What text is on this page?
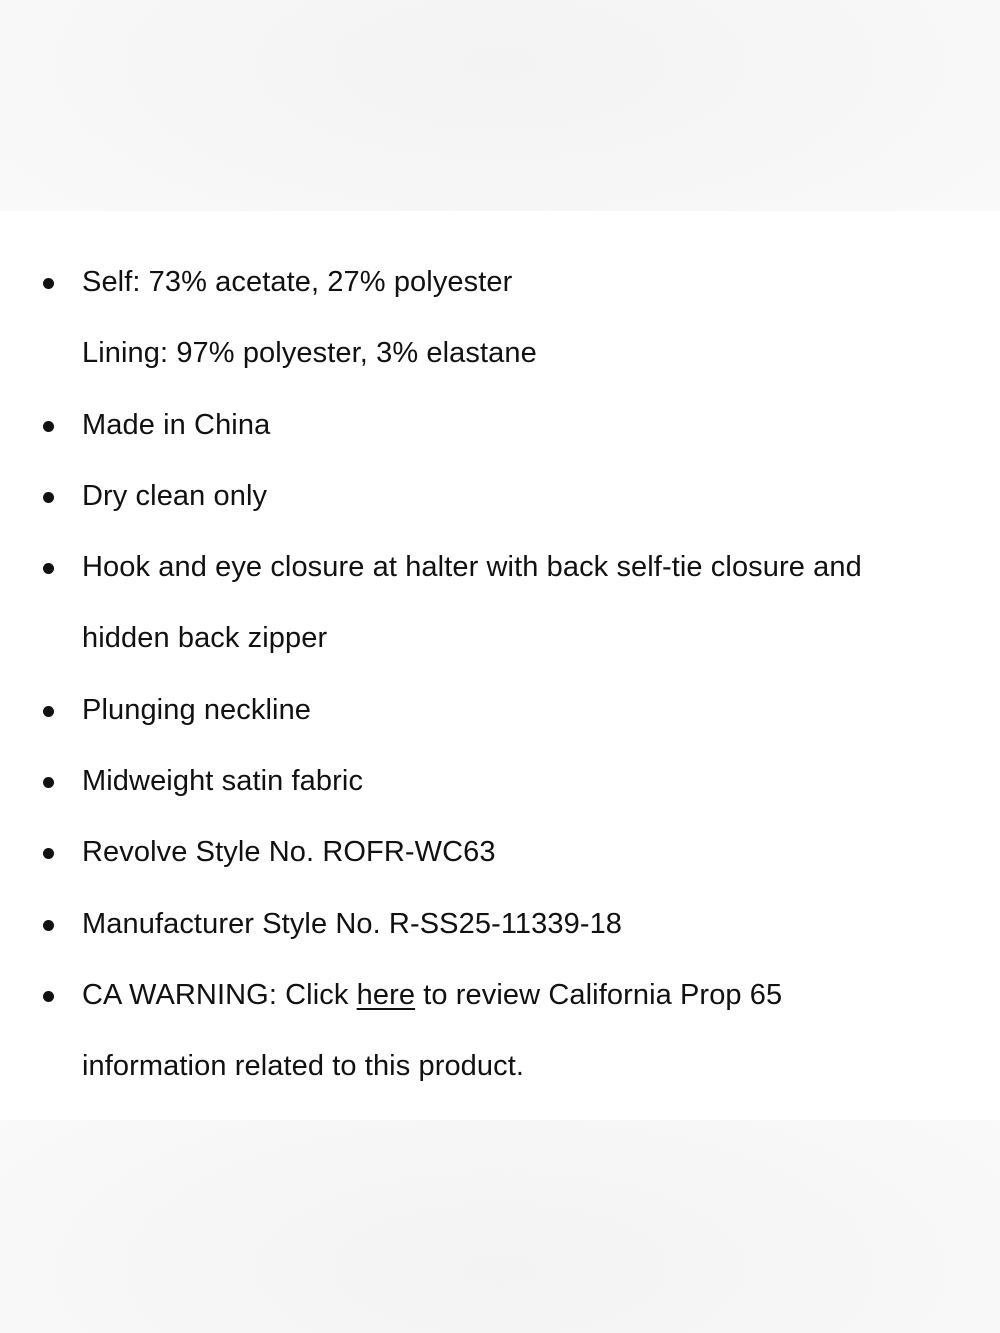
Self: 73% acetate, 27% polyester
Lining: 97% polyester, 3% elastane
Made in China
Dry clean only
Hook and eye closure at halter with back self-tie closure and
hidden back zipper
Plunging neckline
Midweight satin fabric
Revolve Style No. ROFR-WC63
Manufacturer Style No. R-SS25-11339-18
CA WARNING: Click here to review California Prop 65
information related to this product.
